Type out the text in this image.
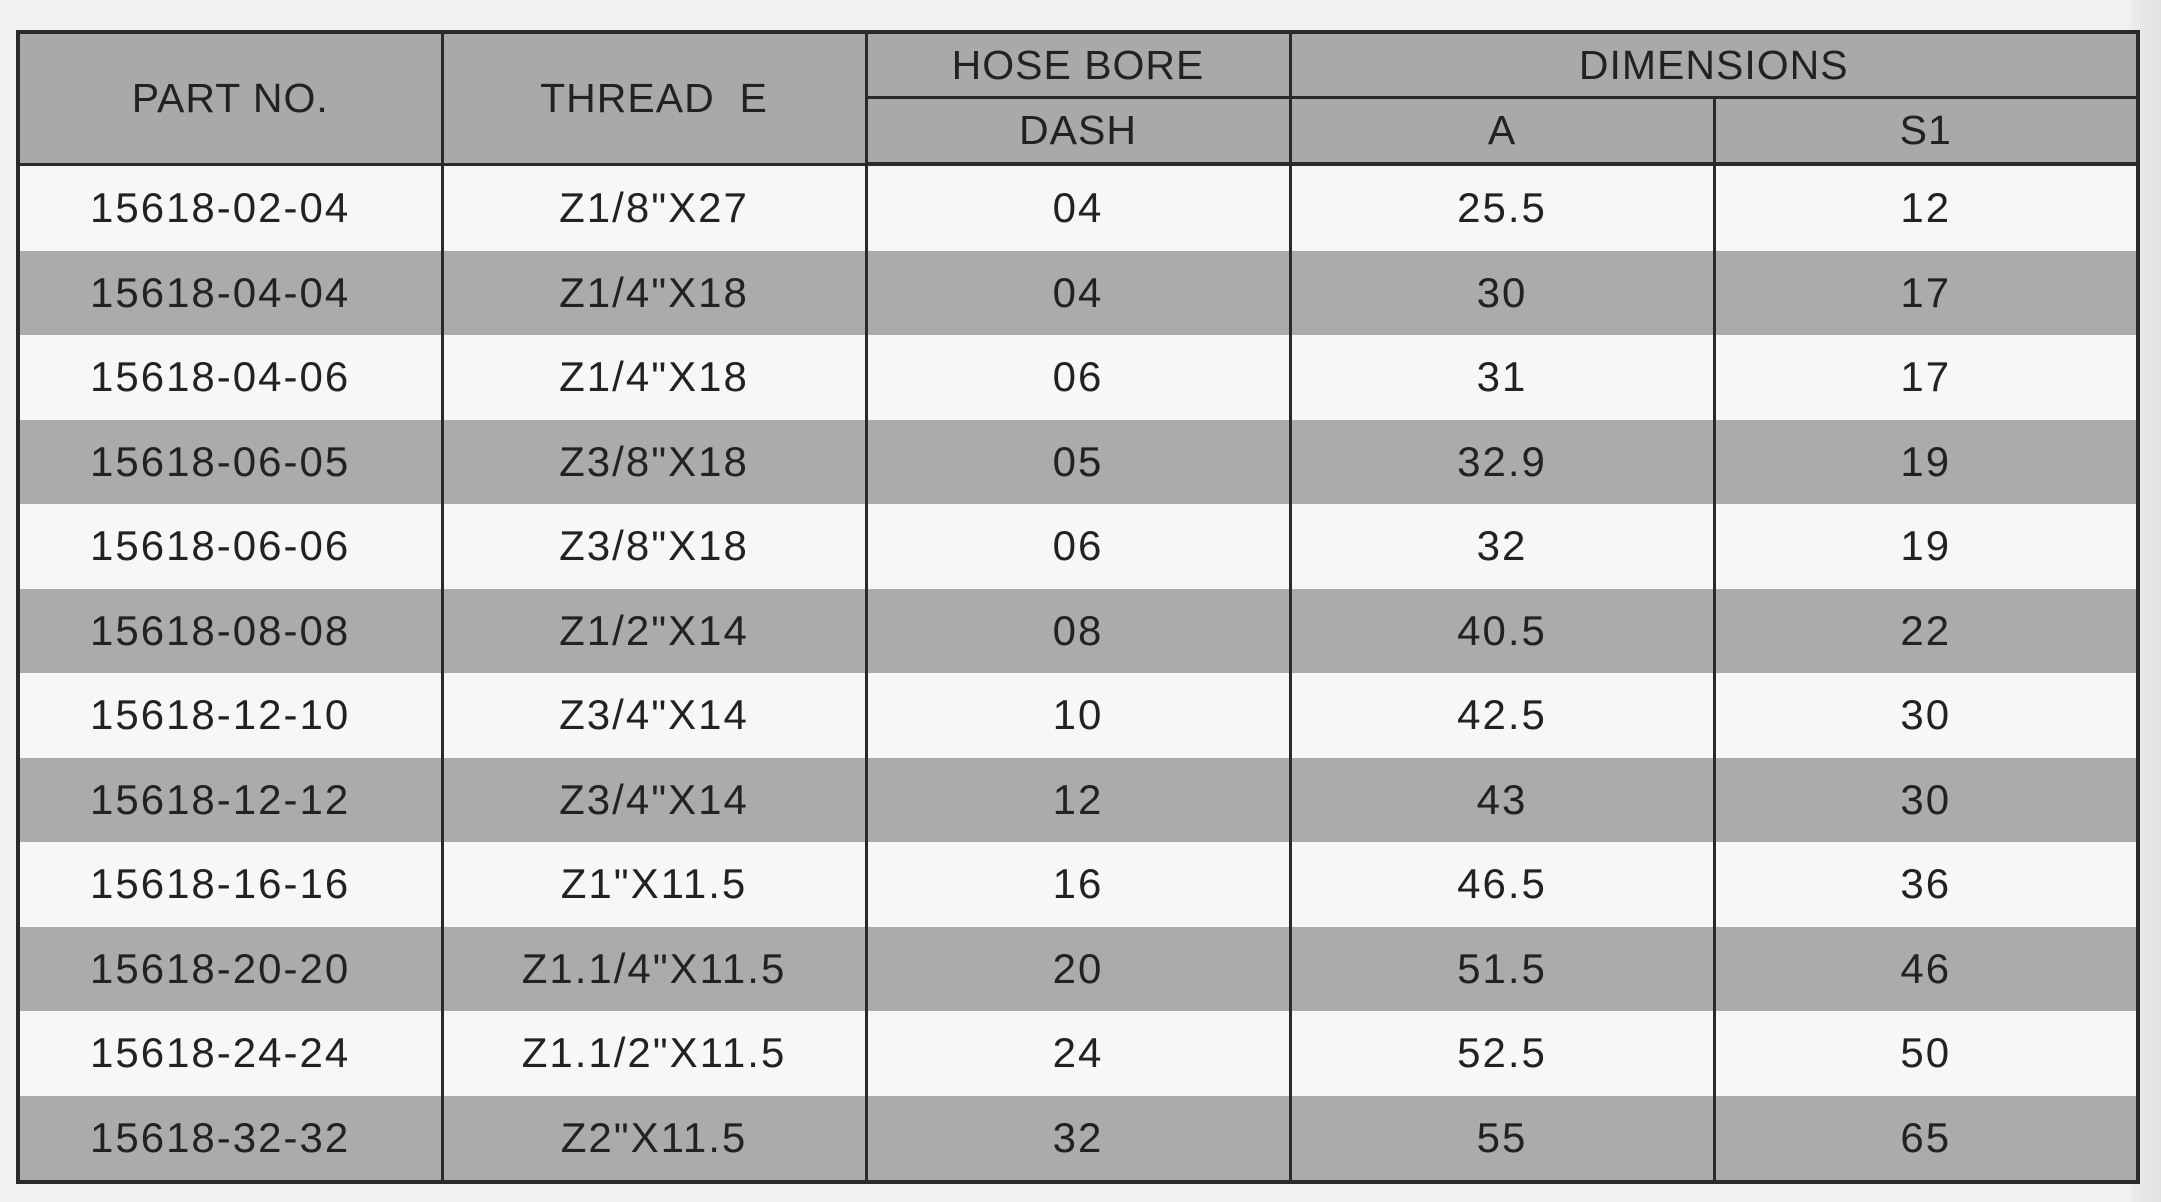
PART NO.	THREAD  E	HOSE BORE	DIMENSIONS	
		DASH	A	S1
15618-02-04	Z1/8"X27	04	25.5	12
15618-04-04	Z1/4"X18	04	30	17
15618-04-06	Z1/4"X18	06	31	17
15618-06-05	Z3/8"X18	05	32.9	19
15618-06-06	Z3/8"X18	06	32	19
15618-08-08	Z1/2"X14	08	40.5	22
15618-12-10	Z3/4"X14	10	42.5	30
15618-12-12	Z3/4"X14	12	43	30
15618-16-16	Z1"X11.5	16	46.5	36
15618-20-20	Z1.1/4"X11.5	20	51.5	46
15618-24-24	Z1.1/2"X11.5	24	52.5	50
15618-32-32	Z2"X11.5	32	55	65
